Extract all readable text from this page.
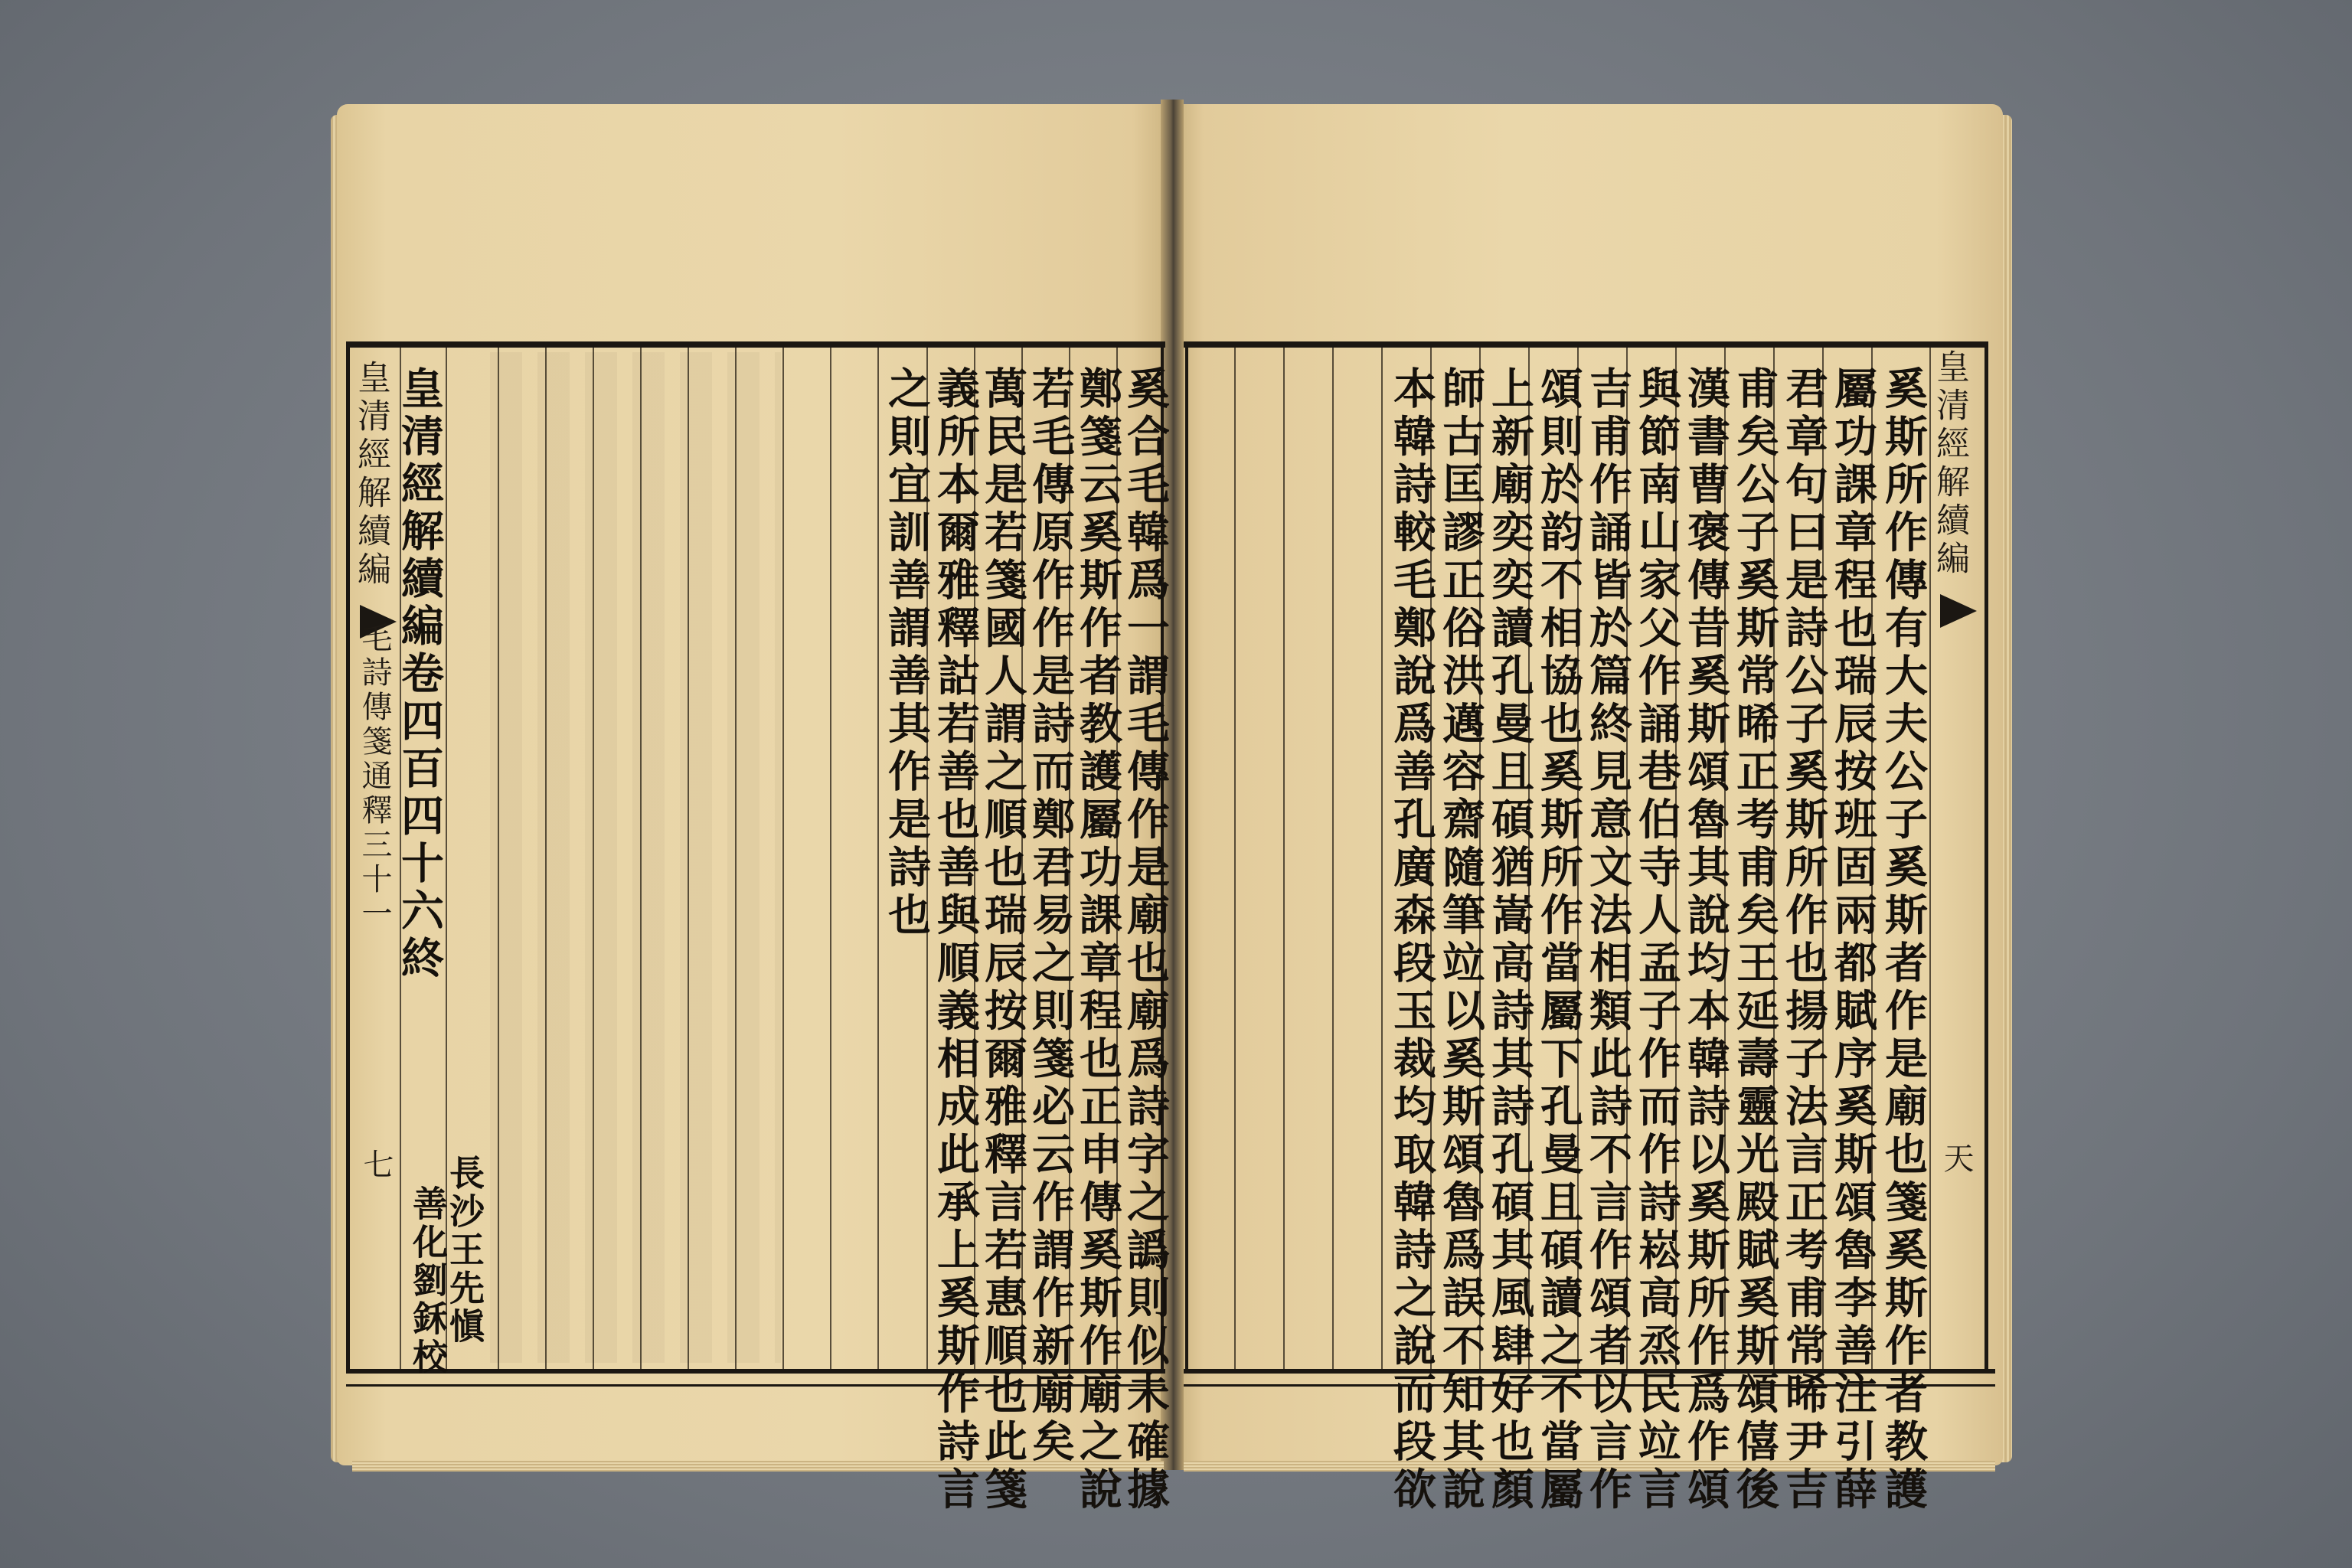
皇清經解續編
毛詩傳箋通釋三十一
七
皇清經解續編卷四百四十六終
長沙王先愼
善化劉鉌校	奚合毛韓爲一謂毛傳作是廟也廟爲詩字之譌則似未確據
鄭箋云奚斯作者教護屬功課章程也正申傳奚斯作廟之說
若毛傳原作作是詩而鄭君易之則箋必云作謂作新廟矣
萬民是若箋國人謂之順也瑞辰按爾雅釋言若惠順也此箋
義所本爾雅釋詁若善也善與順義相成此承上奚斯作詩言
之則宜訓善謂善其作是詩也	奚斯所作傳有大夫公子奚斯者作是廟也箋奚斯作者教護
屬功課章程也瑞辰按班固兩都賦序奚斯頌魯李善注引薛
君章句曰是詩公子奚斯所作也揚子法言正考甫常晞尹吉
甫矣公子奚斯常晞正考甫矣王延壽靈光殿賦奚斯頌僖後
漢書曹褒傳昔奚斯頌魯其說均本韓詩以奚斯所作爲作頌
與節南山家父作誦巷伯寺人孟子作而作詩崧高烝民竝言
吉甫作誦皆於篇終見意文法相類此詩不言作頌者以言作
頌則於韵不相協也奚斯所作當屬下孔曼且碩讀之不當屬
上新廟奕奕讀孔曼且碩猶嵩高詩其詩孔碩其風肆好也顏
師古匡謬正俗洪邁容齋隨筆竝以奚斯頌魯爲誤不知其說
本韓詩較毛鄭說爲善孔廣森段玉裁均取韓詩之說而段欲	皇清經解續編
天
